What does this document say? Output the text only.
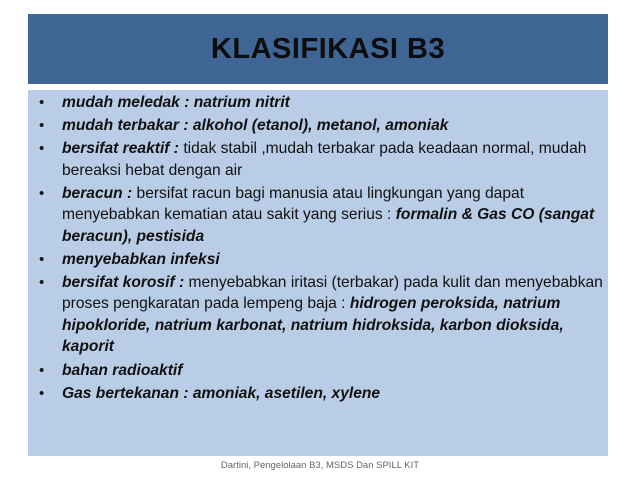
KLASIFIKASI B3
• mudah meledak : natrium nitrit
• mudah terbakar : alkohol (etanol), metanol, amoniak
• bersifat reaktif : tidak stabil ,mudah terbakar pada keadaan normal, mudah bereaksi hebat dengan air
• beracun : bersifat racun bagi manusia atau lingkungan yang dapat menyebabkan kematian atau sakit yang serius : formalin & Gas CO (sangat beracun), pestisida
• menyebabkan infeksi
• bersifat korosif : menyebabkan iritasi (terbakar) pada kulit dan menyebabkan proses pengkaratan pada lempeng baja : hidrogen peroksida, natrium hipokloride, natrium karbonat, natrium hidroksida, karbon dioksida, kaporit
• bahan radioaktif
• Gas bertekanan : amoniak, asetilen, xylene
Dartini, Pengelolaan B3, MSDS Dan SPILL KIT
